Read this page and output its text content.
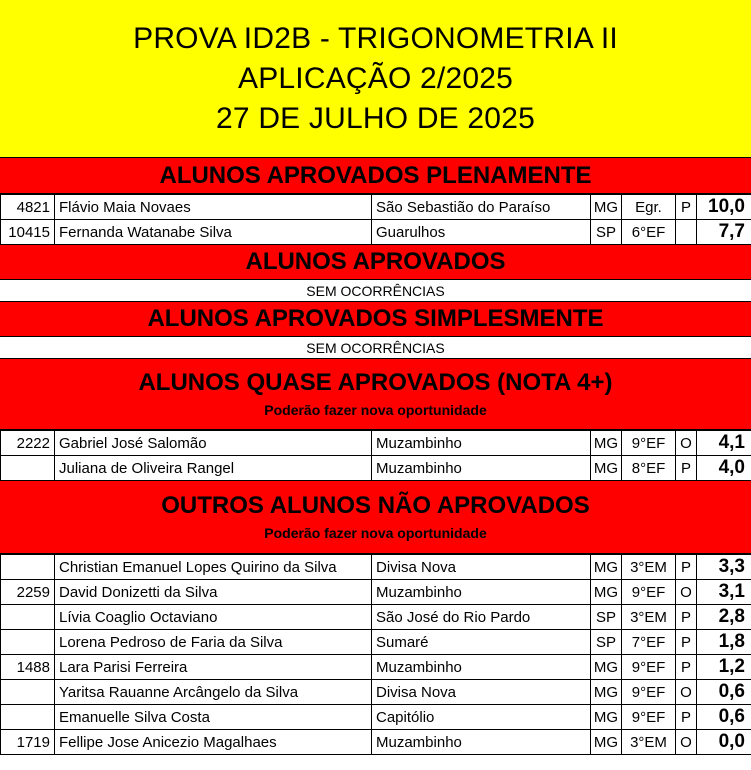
PROVA ID2B - TRIGONOMETRIA II
APLICAÇÃO 2/2025
27 DE JULHO DE 2025
ALUNOS APROVADOS PLENAMENTE
4821	Flávio Maia Novaes	São Sebastião do Paraíso	MG	Egr.	P	10,0
10415	Fernanda Watanabe Silva	Guarulhos	SP	6°EF		7,7
ALUNOS APROVADOS
SEM OCORRÊNCIAS
ALUNOS APROVADOS SIMPLESMENTE
SEM OCORRÊNCIAS
ALUNOS QUASE APROVADOS (NOTA 4+)
Poderão fazer nova oportunidade
2222	Gabriel José Salomão	Muzambinho	MG	9°EF	O	4,1
	Juliana de Oliveira Rangel	Muzambinho	MG	8°EF	P	4,0
OUTROS ALUNOS NÃO APROVADOS
Poderão fazer nova oportunidade
	Christian Emanuel Lopes Quirino da Silva	Divisa Nova	MG	3°EM	P	3,3
2259	David Donizetti da Silva	Muzambinho	MG	9°EF	O	3,1
	Lívia Coaglio Octaviano	São José do Rio Pardo	SP	3°EM	P	2,8
	Lorena Pedroso de Faria da Silva	Sumaré	SP	7°EF	P	1,8
1488	Lara Parisi Ferreira	Muzambinho	MG	9°EF	P	1,2
	Yaritsa Rauanne Arcângelo da Silva	Divisa Nova	MG	9°EF	O	0,6
	Emanuelle Silva Costa	Capitólio	MG	9°EF	P	0,6
1719	Fellipe Jose Anicezio Magalhaes	Muzambinho	MG	3°EM	O	0,0
